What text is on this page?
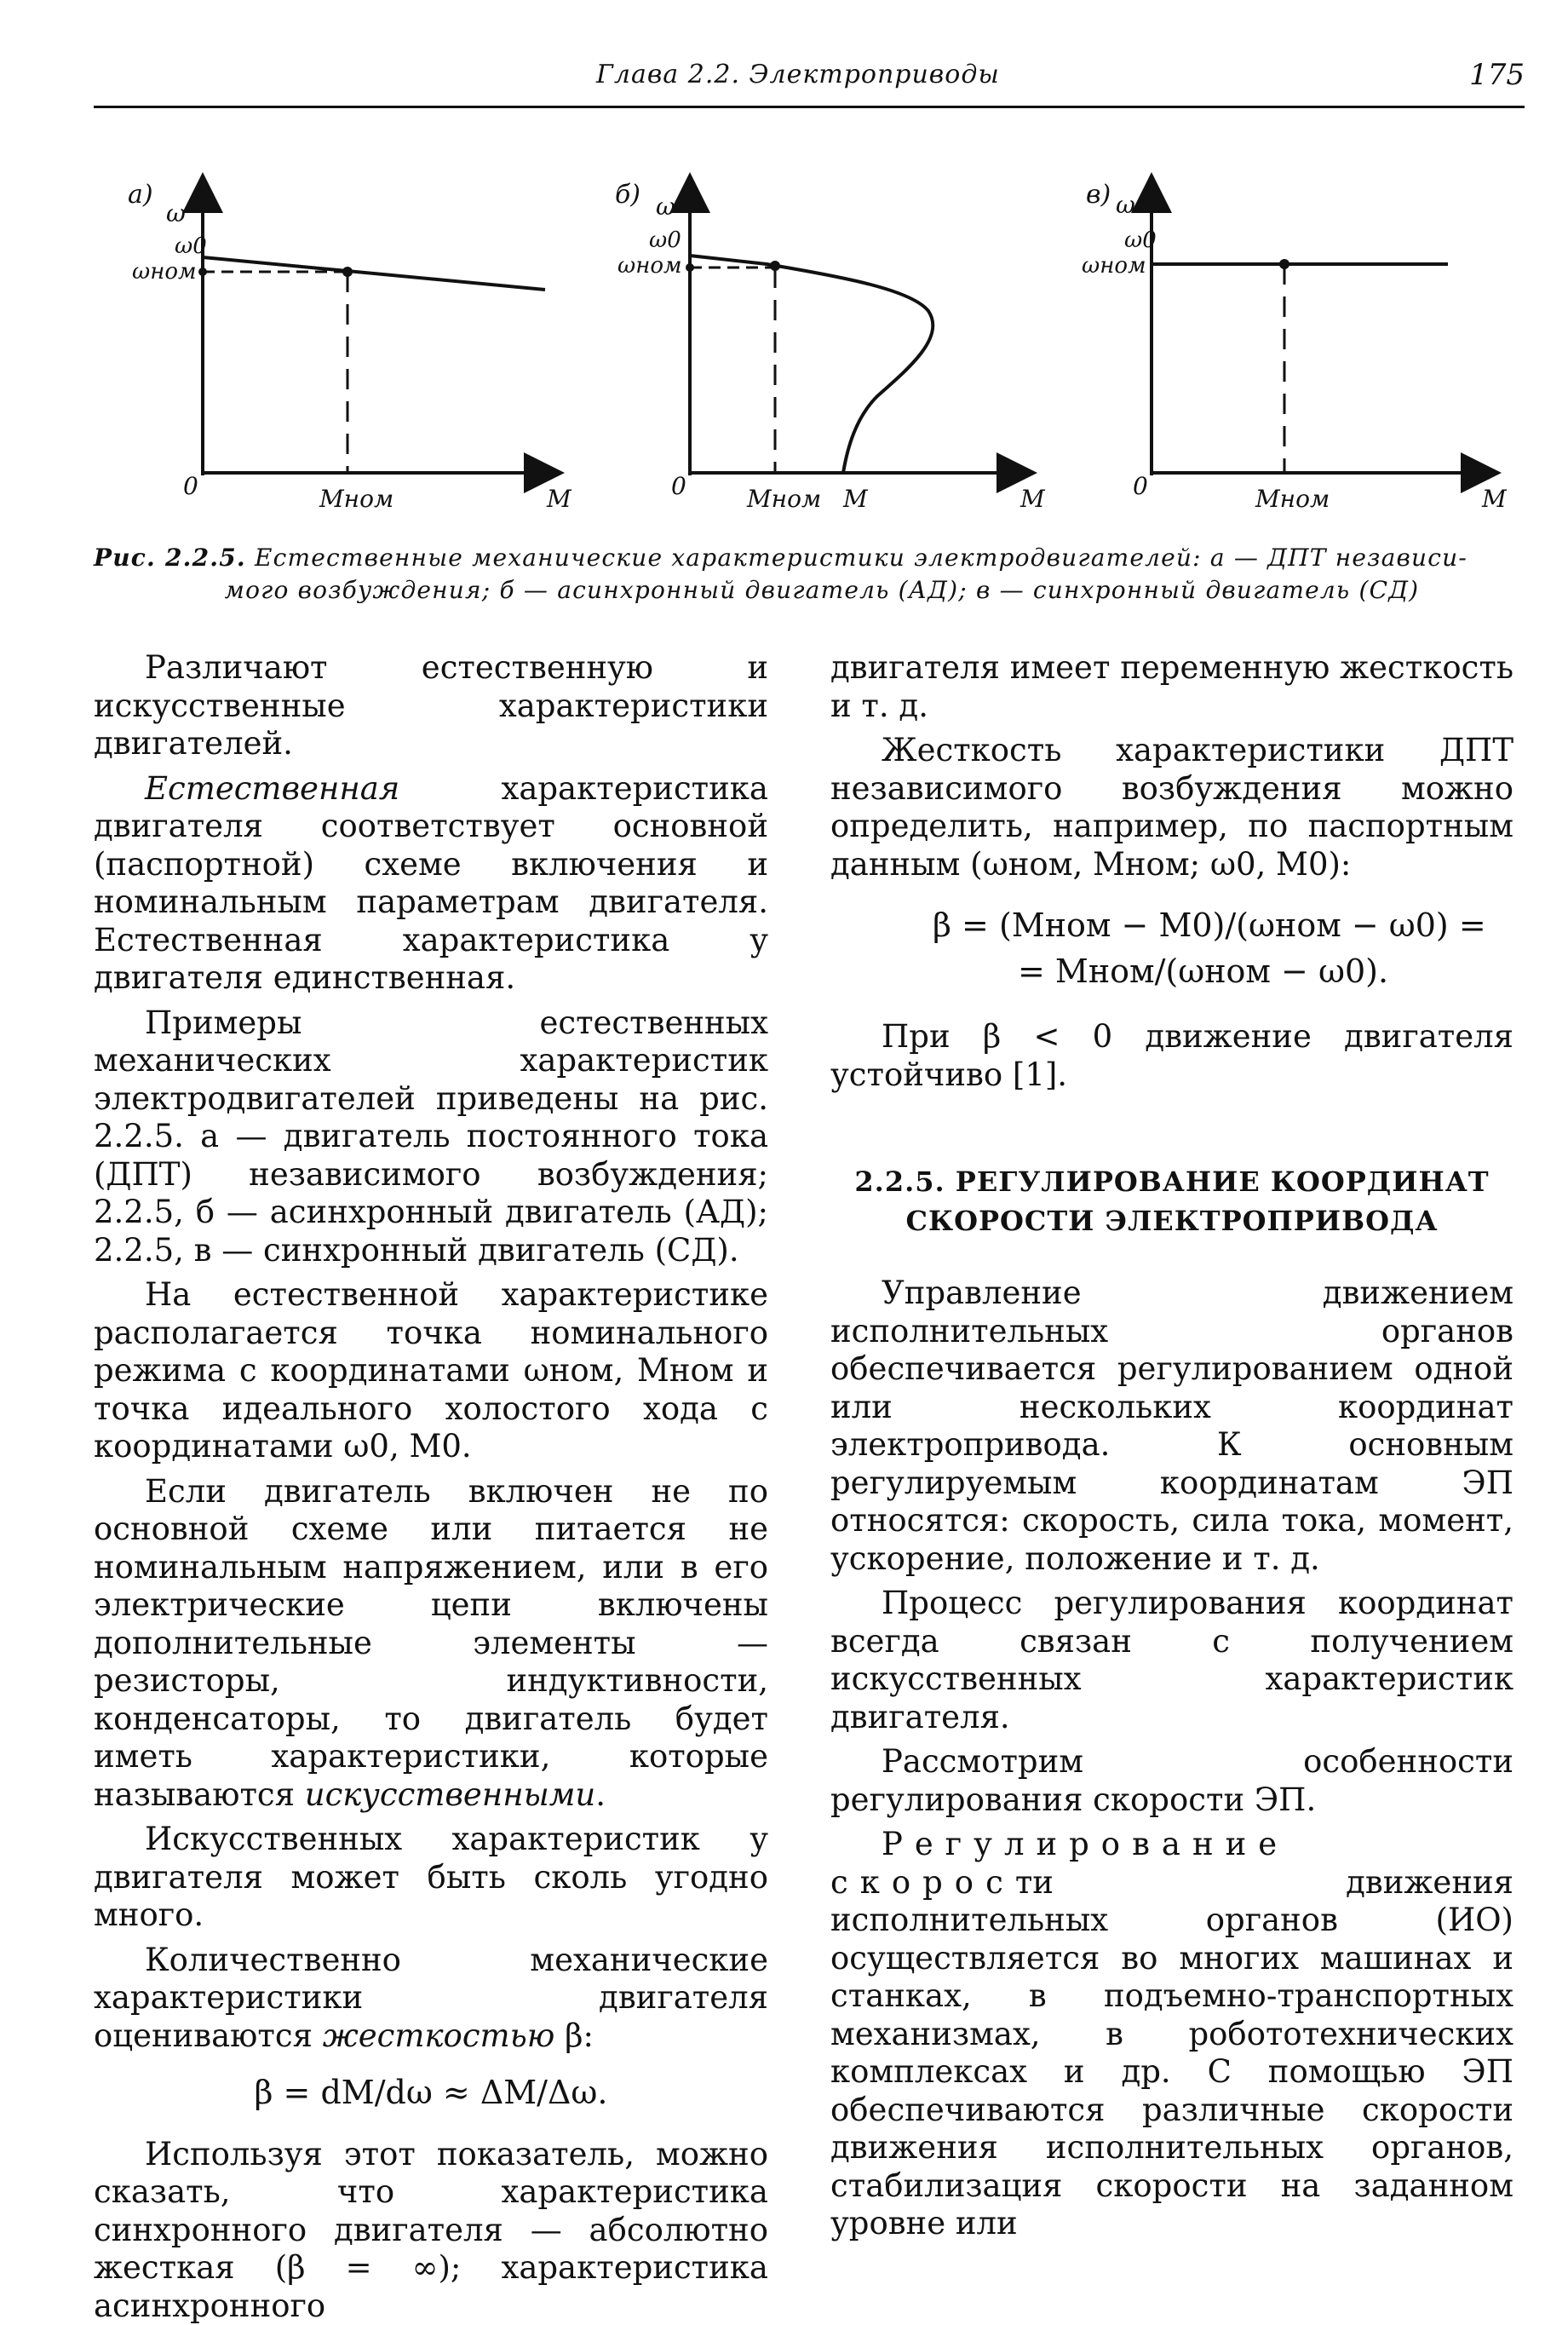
Глава 2.2. Электроприводы	175
а)
ω
ω0
ωном
0	Mном	M
б) ω
ω0
ωном
0	Mном M	M
в) ω
ω0
ωном
0	Mном	M
Рис. 2.2.5. Естественные механические характеристики электродвигателей: а — ДПТ независи-
мого возбуждения; б — асинхронный двигатель (АД); в — синхронный двигатель (СД)

Различают естественную и искусственные характеристики двигателей.

Естественная характеристика двигателя соответствует основной (паспортной) схеме включения и номинальным параметрам двигателя. Естественная характеристика у двигателя единственная.

Примеры естественных механических характеристик электродвигателей приведены на рис. 2.2.5. а — двигатель постоянного тока (ДПТ) независимого возбуждения; 2.2.5, б — асинхронный двигатель (АД); 2.2.5, в — синхронный двигатель (СД).

На естественной характеристике располагается точка номинального режима с координатами ωном, Mном и точка идеального холостого хода с координатами ω0, M0.

Если двигатель включен не по основной схеме или питается не номинальным напряжением, или в его электрические цепи включены дополнительные элементы — резисторы, индуктивности, конденсаторы, то двигатель будет иметь характеристики, которые называются искусственными.

Искусственных характеристик у двигателя может быть сколь угодно много.

Количественно механические характеристики двигателя оцениваются жесткостью β:

β = dM/dω ≈ ΔM/Δω.

Используя этот показатель, можно сказать, что характеристика синхронного двигателя — абсолютно жесткая (β = ∞); характеристика асинхронного

двигателя имеет переменную жесткость и т. д.

Жесткость характеристики ДПТ независимого возбуждения можно определить, например, по паспортным данным (ωном, Mном; ω0, M0):

β = (Mном − M0)/(ωном − ω0) =
= Mном/(ωном − ω0).

При β < 0 движение двигателя устойчиво [1].

2.2.5. РЕГУЛИРОВАНИЕ КООРДИНАТ
СКОРОСТИ ЭЛЕКТРОПРИВОДА

Управление движением исполнительных органов обеспечивается регулированием одной или нескольких координат электропривода. К основным регулируемым координатам ЭП относятся: скорость, сила тока, момент, ускорение, положение и т. д.

Процесс регулирования координат всегда связан с получением искусственных характеристик двигателя.

Рассмотрим особенности регулирования скорости ЭП.

Регулирование скорости движения исполнительных органов (ИО) осуществляется во многих машинах и станках, в подъемно-транспортных механизмах, в робототехнических комплексах и др. С помощью ЭП обеспечиваются различные скорости движения исполнительных органов, стабилизация скорости на заданном уровне или
